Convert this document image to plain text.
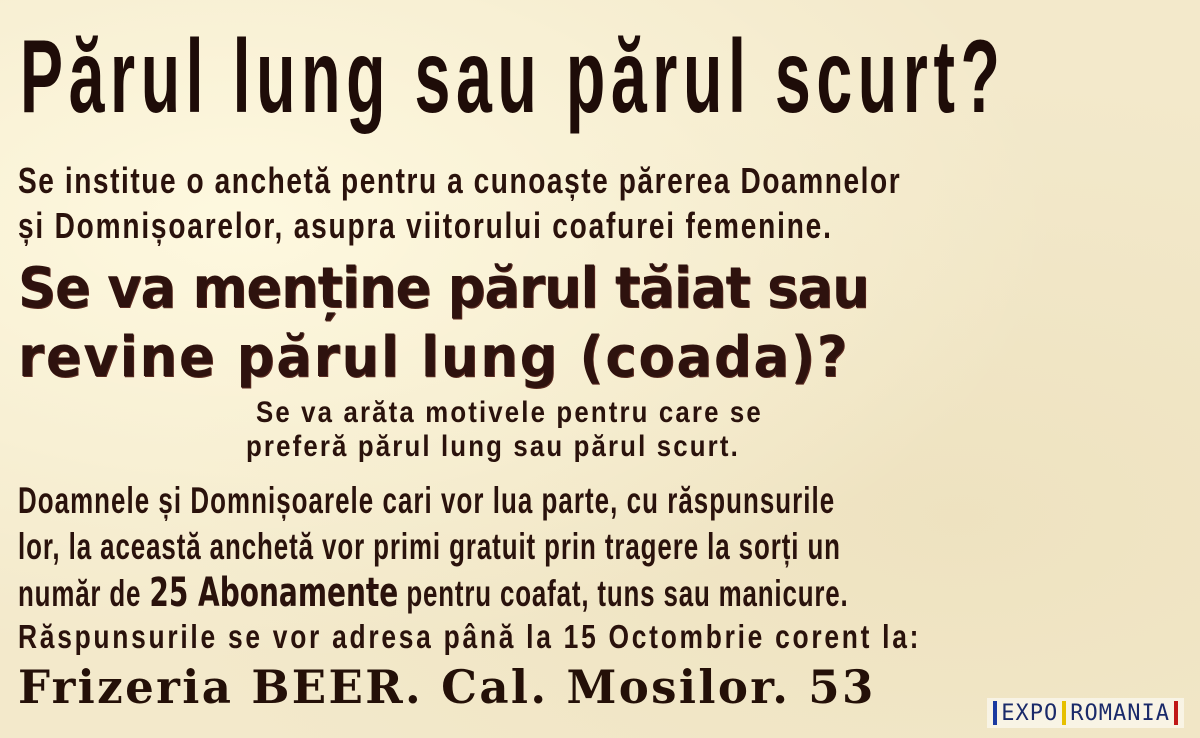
Părul lung sau părul scurt?
Se institue o anchetă pentru a cunoaște părerea Doamnelor
și Domnișoarelor, asupra viitorului coafurei femenine.
Se va menține părul tăiat sau
revine părul lung (coada)?
Se va arăta motivele pentru care se
preferă părul lung sau părul scurt.
Doamnele și Domnișoarele cari vor lua parte, cu răspunsurile
lor, la această anchetă vor primi gratuit prin tragere la sorți un
număr de 25 Abonamente pentru coafat, tuns sau manicure.
Răspunsurile se vor adresa până la 15 Octombrie corent la:
Frizeria BEER. Cal. Mosilor. 53	EXPO ROMANIA
